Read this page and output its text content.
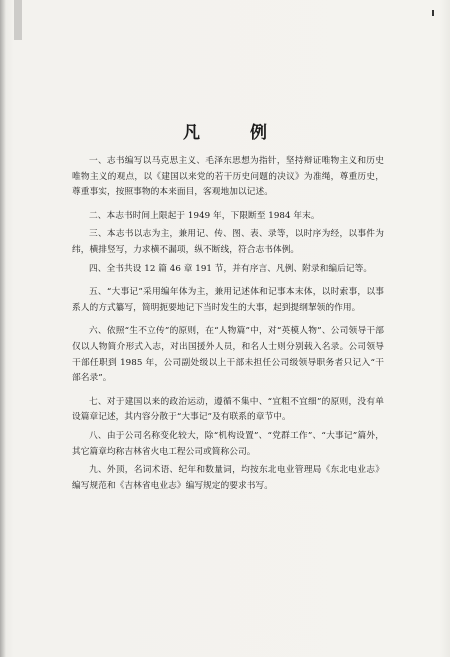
凡 例

一、志书编写以马克思主义、毛泽东思想为指针，坚持辩证唯物主义和历史唯物主义的观点，以《建国以来党的若干历史问题的决议》为准绳，尊重历史，尊重事实，按照事物的本来面目，客观地加以记述。

二、本志书时间上限起于 1949 年，下限断至 1984 年末。

三、本志书以志为主，兼用记、传、图、表、录等，以时序为经，以事件为纬，横排竖写，力求横不漏项，纵不断线，符合志书体例。

四、全书共设 12 篇 46 章 191 节，并有序言、凡例、附录和编后记等。

五、“大事记”采用编年体为主，兼用记述体和记事本末体，以时索事，以事系人的方式纂写，简明扼要地记下当时发生的大事，起到提纲挈领的作用。

六、依照“生不立传”的原则，在“人物篇”中，对“英模人物”、公司领导干部仅以人物简介形式入志，对出国援外人员，和名人士则分别载入名录。公司领导干部任职到 1985 年，公司副处级以上干部未担任公司级领导职务者只记入“干部名录”。

七、对于建国以来的政治运动，遵循不集中、“宜粗不宜细”的原则，没有单设篇章记述，其内容分散于“大事记”及有联系的章节中。

八、由于公司名称变化较大，除“机构设置”、“党群工作”、“大事记”篇外，其它篇章均称吉林省火电工程公司或简称公司。

九、外顶，名词术语、纪年和数量词，均按东北电业管理局《东北电业志》编写规范和《吉林省电业志》编写规定的要求书写。
